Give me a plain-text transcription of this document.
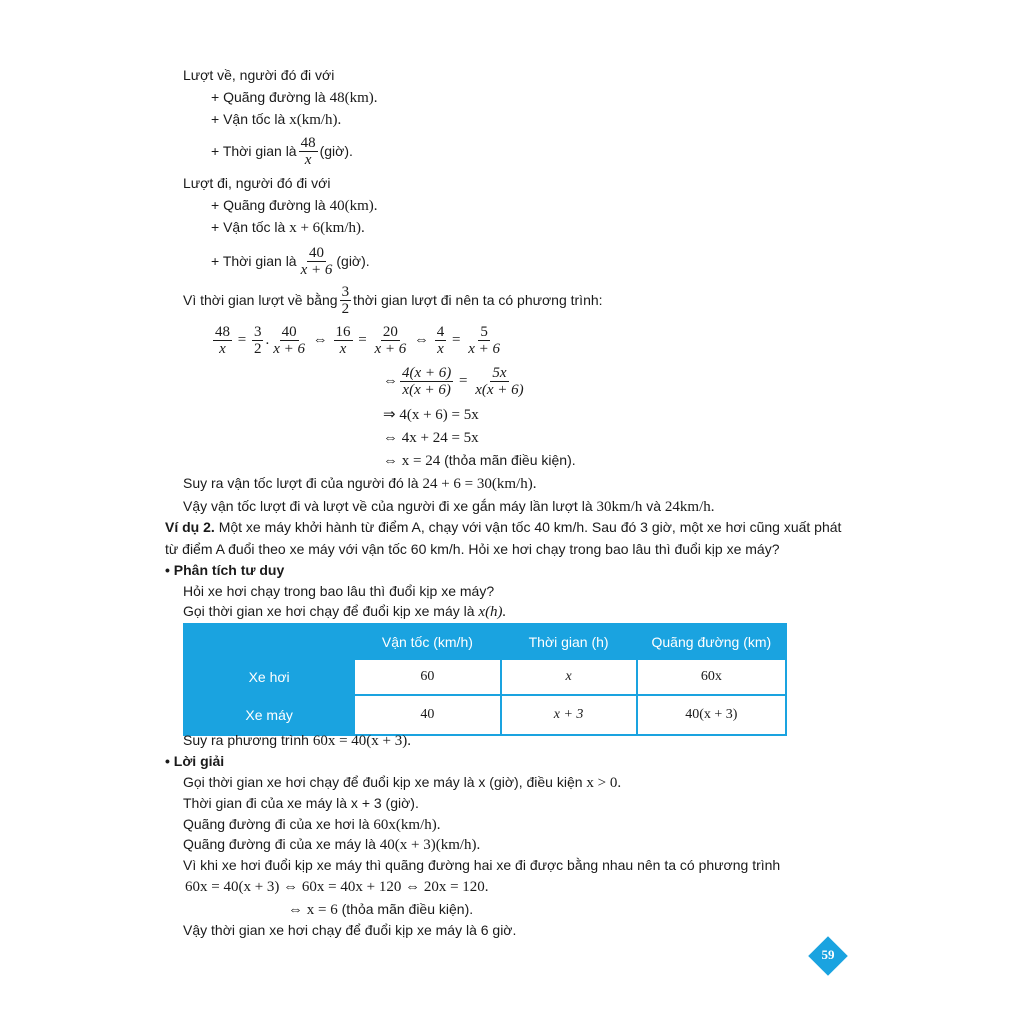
Lượt về, người đó đi với
+ Quãng đường là 48(km).
+ Vận tốc là x(km/h).
+ Thời gian là $\frac{48}{x}$ (giờ).
Lượt đi, người đó đi với
+ Quãng đường là 40(km).
+ Vận tốc là x + 6(km/h).
+ Thời gian là $\frac{40}{x + 6}$ (giờ).
Vì thời gian lượt về bằng $\frac{3}{2}$ thời gian lượt đi nên ta có phương trình:
$\frac{48}{x} = \frac{3}{2}$ . $\frac{40}{x + 6}$ ⇔ $\frac{16}{x} = \frac{20}{x + 6}$ ⇔ $\frac{4}{x} = \frac{5}{x + 6}$
⇔ $\frac{4(x + 6)}{x(x + 6)} = \frac{5x}{x(x + 6)}$
⇒ 4(x + 6) = 5x
⇔ 4x + 24 = 5x
⇔ x = 24 (thỏa mãn điều kiện).
Suy ra vận tốc lượt đi của người đó là 24 + 6 = 30(km/h).
Vậy vận tốc lượt đi và lượt về của người đi xe gắn máy lần lượt là 30km/h và 24km/h.
Ví dụ 2. Một xe máy khởi hành từ điểm A, chạy với vận tốc 40 km/h. Sau đó 3 giờ, một xe hơi cũng xuất phát
từ điểm A đuổi theo xe máy với vận tốc 60 km/h. Hỏi xe hơi chạy trong bao lâu thì đuổi kịp xe máy?
• Phân tích tư duy
Hỏi xe hơi chạy trong bao lâu thì đuổi kịp xe máy?
Gọi thời gian xe hơi chạy để đuổi kịp xe máy là x(h).
	Vận tốc (km/h)	Thời gian (h)	Quãng đường (km)
Xe hơi	60	x	60x
Xe máy	40	x + 3	40(x + 3)
Suy ra phương trình 60x = 40(x + 3).
• Lời giải
Gọi thời gian xe hơi chạy để đuổi kịp xe máy là x (giờ), điều kiện x > 0.
Thời gian đi của xe máy là x + 3 (giờ).
Quãng đường đi của xe hơi là 60x(km/h).
Quãng đường đi của xe máy là 40(x + 3)(km/h).
Vì khi xe hơi đuổi kịp xe máy thì quãng đường hai xe đi được bằng nhau nên ta có phương trình
60x = 40(x + 3) ⇔ 60x = 40x + 120 ⇔ 20x = 120.
⇔ x = 6 (thỏa mãn điều kiện).
Vậy thời gian xe hơi chạy để đuổi kịp xe máy là 6 giờ.
59
